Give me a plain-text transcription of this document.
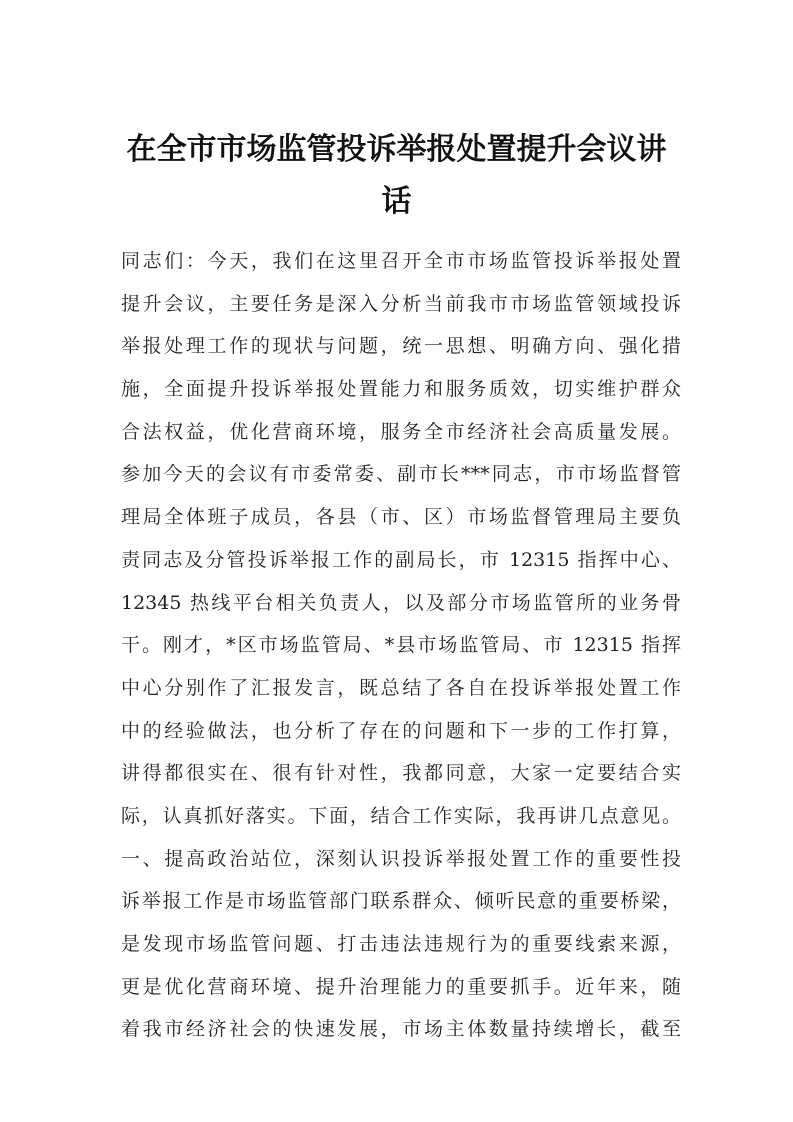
在全市市场监管投诉举报处置提升会议讲
话
同志们：今天，我们在这里召开全市市场监管投诉举报处置
提升会议，主要任务是深入分析当前我市市场监管领域投诉
举报处理工作的现状与问题，统一思想、明确方向、强化措
施，全面提升投诉举报处置能力和服务质效，切实维护群众
合法权益，优化营商环境，服务全市经济社会高质量发展。
参加今天的会议有市委常委、副市长***同志，市市场监督管
理局全体班子成员，各县（市、区）市场监督管理局主要负
责同志及分管投诉举报工作的副局长，市 12315 指挥中心、
12345 热线平台相关负责人，以及部分市场监管所的业务骨
干。刚才，*区市场监管局、*县市场监管局、市 12315 指挥
中心分别作了汇报发言，既总结了各自在投诉举报处置工作
中的经验做法，也分析了存在的问题和下一步的工作打算，
讲得都很实在、很有针对性，我都同意，大家一定要结合实
际，认真抓好落实。下面，结合工作实际，我再讲几点意见。
一、提高政治站位，深刻认识投诉举报处置工作的重要性投
诉举报工作是市场监管部门联系群众、倾听民意的重要桥梁，
是发现市场监管问题、打击违法违规行为的重要线索来源，
更是优化营商环境、提升治理能力的重要抓手。近年来，随
着我市经济社会的快速发展，市场主体数量持续增长，截至
